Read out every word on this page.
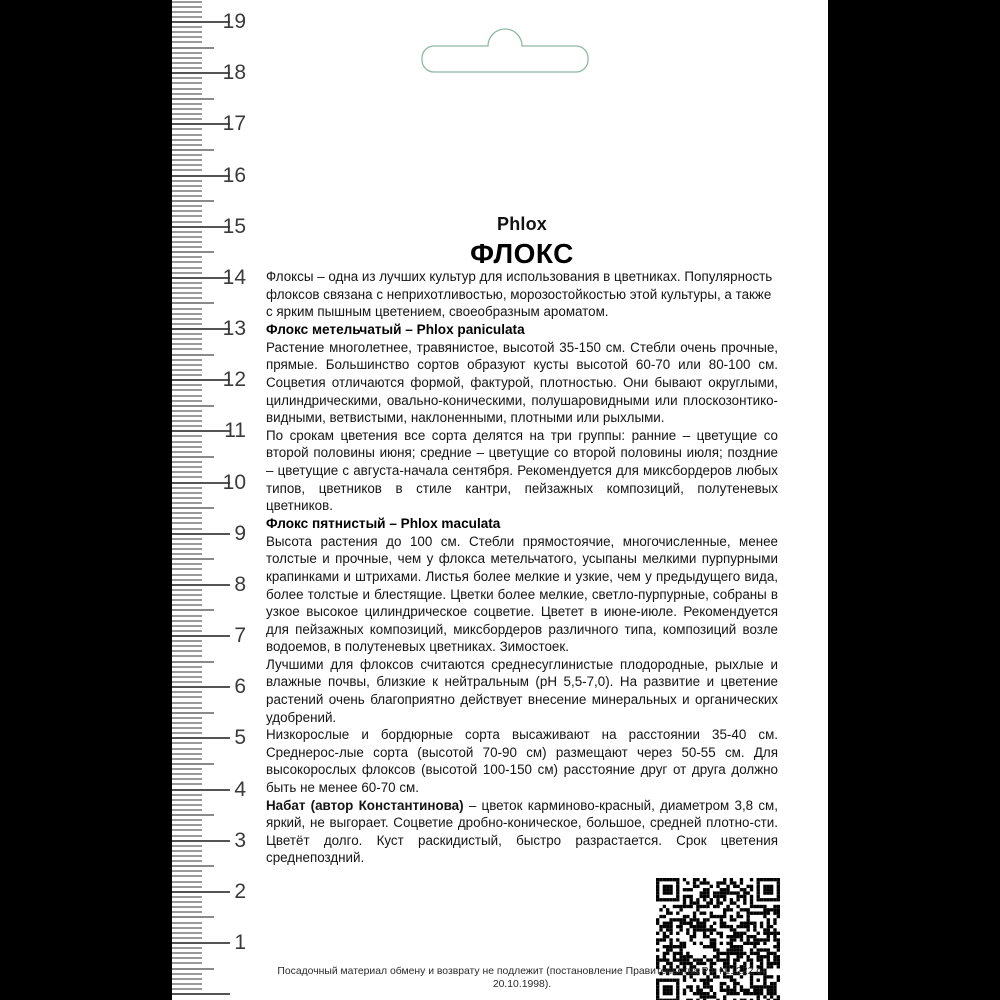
19
18
17
16
15
14
13
12
11
10
9
8
7
6
5
4
3
2
1
Phlox
ФЛОКС
Флоксы – одна из лучших культур для использования в цветниках. Популярность флоксов связана с неприхотливостью, морозостойкостью этой культуры, а также с ярким пышным цветением, своеобразным ароматом.
Флокс метельчатый – Phlox paniculata
Растение многолетнее, травянистое, высотой 35-150 см. Стебли очень прочные, прямые. Большинство сортов образуют кусты высотой 60-70 или 80-100 см. Соцветия отличаются формой, фактурой, плотностью. Они бывают округлыми, цилиндрическими, овально-коническими, полушаровидными или плоскозонтико-видными, ветвистыми, наклоненными, плотными или рыхлыми.
По срокам цветения все сорта делятся на три группы: ранние – цветущие со второй половины июня; средние – цветущие со второй половины июля; поздние – цветущие с августа-начала сентября. Рекомендуется для миксбордеров любых типов, цветников в стиле кантри, пейзажных композиций, полутеневых цветников.
Флокс пятнистый – Phlox maculata
Высота растения до 100 см. Стебли прямостоячие, многочисленные, менее толстые и прочные, чем у флокса метельчатого, усыпаны мелкими пурпурными крапинками и штрихами. Листья более мелкие и узкие, чем у предыдущего вида, более толстые и блестящие. Цветки более мелкие, светло-пурпурные, собраны в узкое высокое цилиндрическое соцветие. Цветет в июне-июле. Рекомендуется для пейзажных композиций, миксбордеров различного типа, композиций возле водоемов, в полутеневых цветниках. Зимостоек.
Лучшими для флоксов считаются среднесуглинистые плодородные, рыхлые и влажные почвы, близкие к нейтральным (рН 5,5-7,0). На развитие и цветение растений очень благоприятно действует внесение минеральных и органических удобрений.
Низкорослые и бордюрные сорта высаживают на расстоянии 35-40 см. Среднерос-лые сорта (высотой 70-90 см) размещают через 50-55 см. Для высокорослых флоксов (высотой 100-150 см) расстояние друг от друга должно быть не менее 60-70 см.
Набат (автор Константинова) – цветок карминово-красный, диаметром 3,8 см, яркий, не выгорает. Соцветие дробно-коническое, большое, средней плотно-сти. Цветёт долго. Куст раскидистый, быстро разрастается. Срок цветения среднепоздний.
Посадочный материал обмену и возврату не подлежит (постановление Правительства РФ №1222 от 20.10.1998).
